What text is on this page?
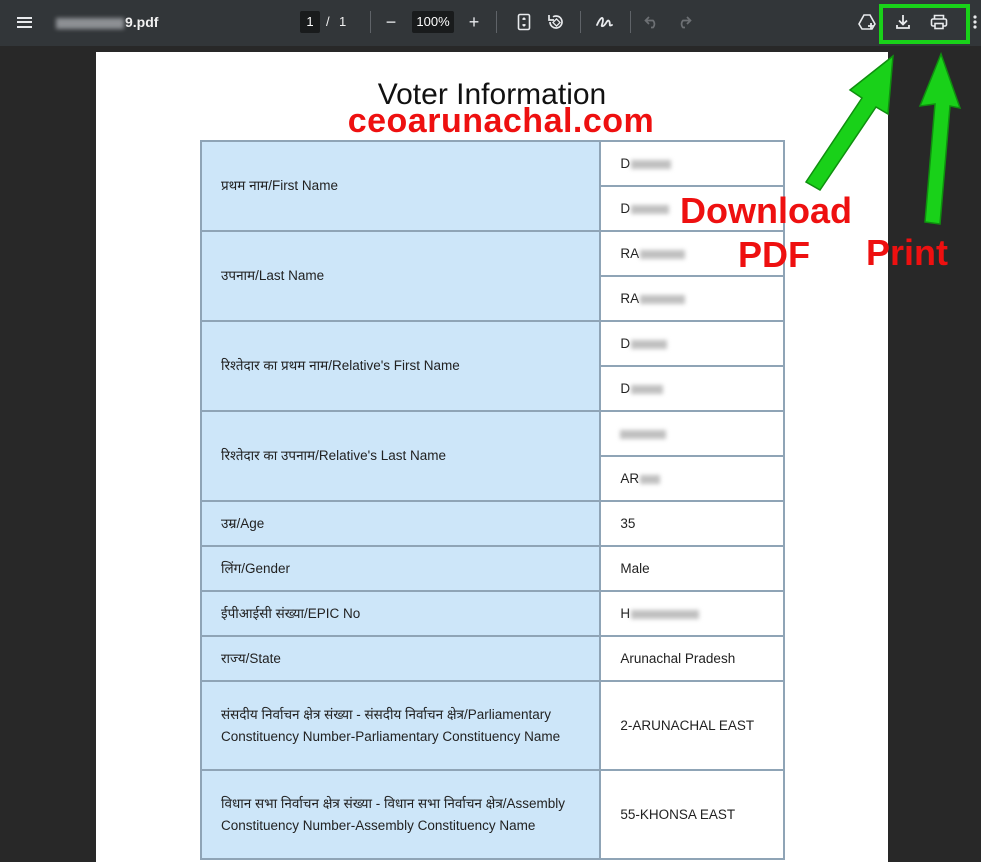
9.pdf	1 / 1 −	100% +
Voter Information
ceoarunachal.com
प्रथम नाम/First Name	D
	D
उपनाम/Last Name	RA
	RA
रिश्तेदार का प्रथम नाम/Relative's First Name	D
	D
रिश्तेदार का उपनाम/Relative's Last Name	
	AR
उम्र/Age	35
लिंग/Gender	Male
ईपीआईसी संख्या/EPIC No	H
राज्य/State	Arunachal Pradesh
संसदीय निर्वाचन क्षेत्र संख्या - संसदीय निर्वाचन क्षेत्र/Parliamentary Constituency Number-Parliamentary Constituency Name	2-ARUNACHAL EAST
विधान सभा निर्वाचन क्षेत्र संख्या - विधान सभा निर्वाचन क्षेत्र/Assembly Constituency Number-Assembly Constituency Name	55-KHONSA EAST
Download
PDF Print
